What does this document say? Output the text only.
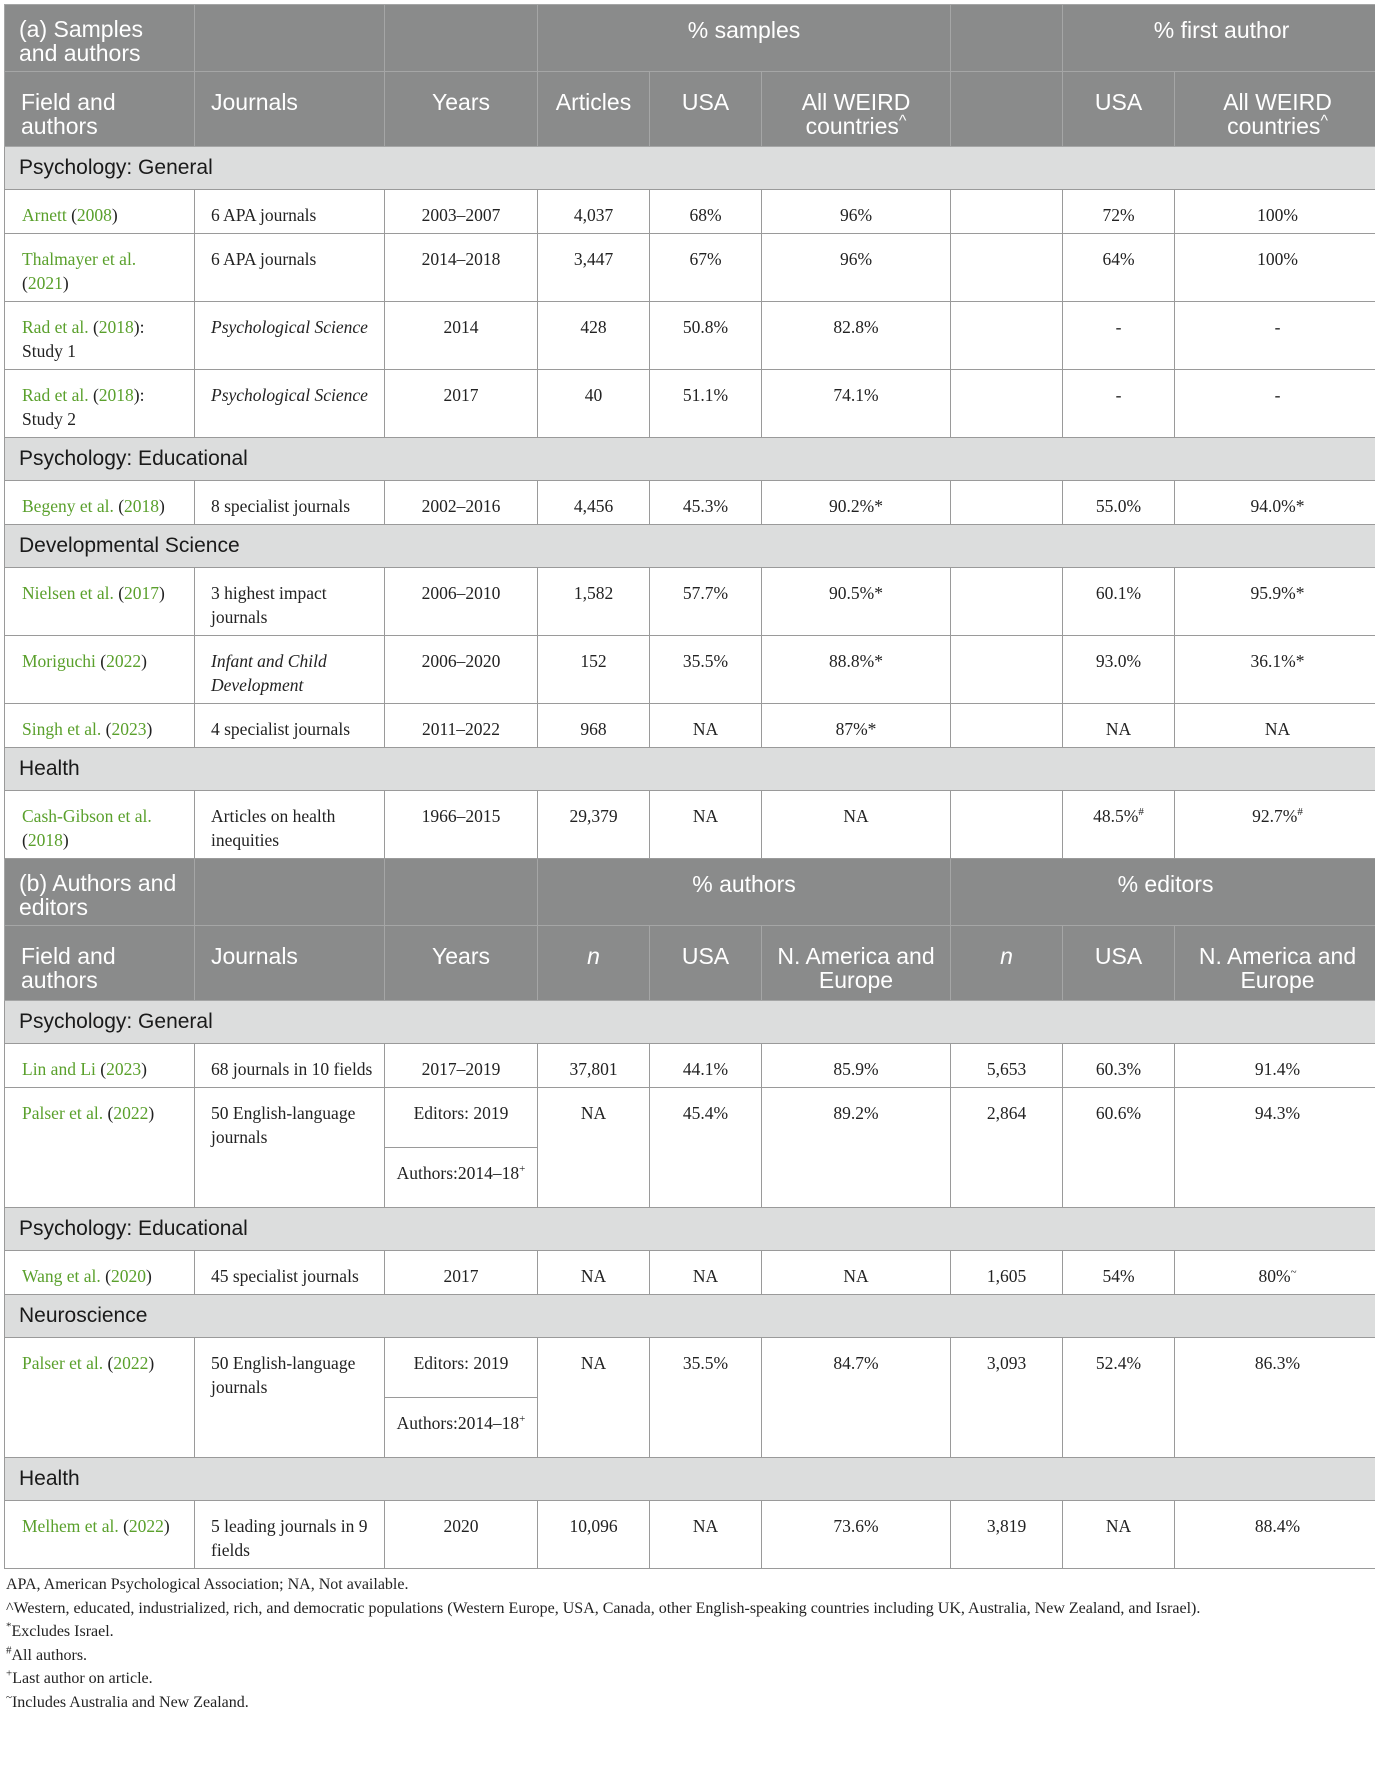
(a) Samples and authors			% samples				% first author	
Field and authors	Journals	Years	Articles	USA	All WEIRD countries^		USA	All WEIRD countries^
Psychology: General								
Arnett (2008)	6 APA journals	2003–2007	4,037	68%	96%		72%	100%
Thalmayer et al. (2021)	6 APA journals	2014–2018	3,447	67%	96%		64%	100%
Rad et al. (2018): Study 1	Psychological Science	2014	428	50.8%	82.8%		-	-
Rad et al. (2018): Study 2	Psychological Science	2017	40	51.1%	74.1%		-	-
Psychology: Educational								
Begeny et al. (2018)	8 specialist journals	2002–2016	4,456	45.3%	90.2%*		55.0%	94.0%*
Developmental Science								
Nielsen et al. (2017)	3 highest impact journals	2006–2010	1,582	57.7%	90.5%*		60.1%	95.9%*
Moriguchi (2022)	Infant and Child Development	2006–2020	152	35.5%	88.8%*		93.0%	36.1%*
Singh et al. (2023)	4 specialist journals	2011–2022	968	NA	87%*		NA	NA
Health								
Cash-Gibson et al. (2018)	Articles on health inequities	1966–2015	29,379	NA	NA		48.5%#	92.7%#
(b) Authors and editors			% authors			% editors		
Field and authors	Journals	Years	n	USA	N. America and Europe	n	USA	N. America and Europe
Psychology: General								
Lin and Li (2023)	68 journals in 10 fields	2017–2019	37,801	44.1%	85.9%	5,653	60.3%	91.4%
Palser et al. (2022)	50 English-language journals	Editors: 2019	NA	45.4%	89.2%	2,864	60.6%	94.3%
		Authors:2014–18+
Psychology: Educational								
Wang et al. (2020)	45 specialist journals	2017	NA	NA	NA	1,605	54%	80%~
Neuroscience								
Palser et al. (2022)	50 English-language journals	Editors: 2019	NA	35.5%	84.7%	3,093	52.4%	86.3%
		Authors:2014–18+
Health								
Melhem et al. (2022)	5 leading journals in 9 fields	2020	10,096	NA	73.6%	3,819	NA	88.4%
APA, American Psychological Association; NA, Not available.
^Western, educated, industrialized, rich, and democratic populations (Western Europe, USA, Canada, other English-speaking countries including UK, Australia, New Zealand, and Israel).
*Excludes Israel.
#All authors.
+Last author on article.
~Includes Australia and New Zealand.
